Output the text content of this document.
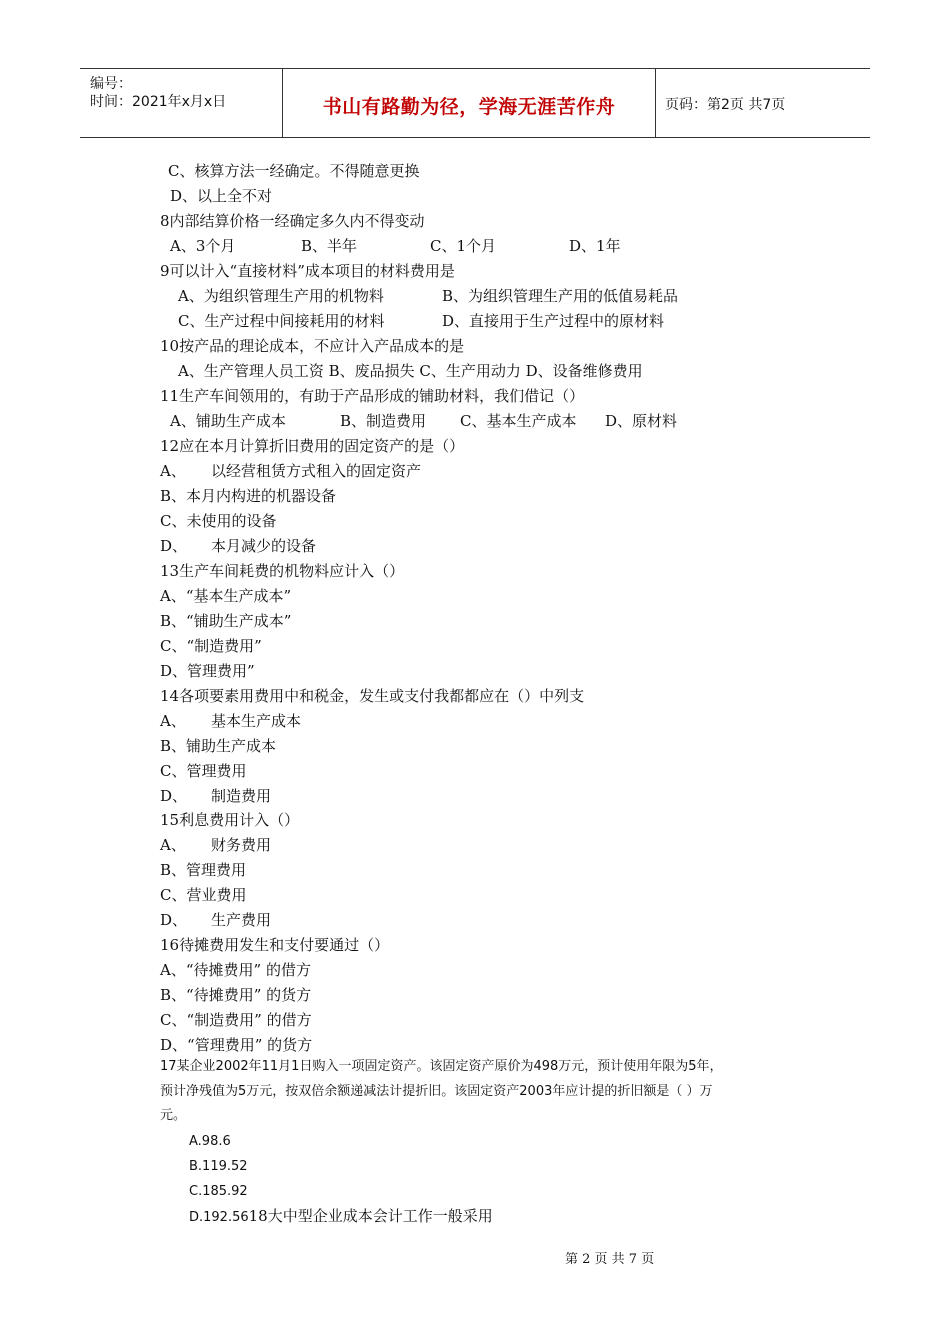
编号：
时间：2021年x月x日	书山有路勤为径，学海无涯苦作舟	页码：第2页 共7页
C、核算方法一经确定。不得随意更换
D、以上全不对
8内部结算价格一经确定多久内不得变动
A、3个月	B、半年	C、1个月	D、1年
9可以计入“直接材料”成本项目的材料费用是
A、为组织管理生产用的机物料	B、为组织管理生产用的低值易耗品
C、生产过程中间接耗用的材料	D、直接用于生产过程中的原材料
10按产品的理论成本，不应计入产品成本的是
A、生产管理人员工资 B、废品损失 C、生产用动力 D、设备维修费用
11生产车间领用的，有助于产品形成的铺助材料，我们借记（）
A、铺助生产成本	B、制造费用 C、基本生产成本 D、原材料
12应在本月计算折旧费用的固定资产的是（）
A、 以经营租赁方式租入的固定资产
B、本月内构进的机器设备
C、未使用的设备
D、 本月减少的设备
13生产车间耗费的机物料应计入（）
A、“基本生产成本”
B、“铺助生产成本”
C、“制造费用”
D、管理费用”
14各项要素用费用中和税金，发生或支付我都都应在（）中列支
A、 基本生产成本
B、铺助生产成本
C、管理费用
D、 制造费用
15利息费用计入（）
A、 财务费用
B、管理费用
C、营业费用
D、 生产费用
16待摊费用发生和支付要通过（）
A、“待摊费用” 的借方
B、“待摊费用” 的货方
C、“制造费用” 的借方
D、“管理费用” 的货方
17某企业2002年11月1日购入一项固定资产。该固定资产原价为498万元，预计使用年限为5年，
预计净残值为5万元，按双倍余额递减法计提折旧。该固定资产2003年应计提的折旧额是（ ）万
元。
A.98.6
B.119.52
C.185.92
D.192.5618大中型企业成本会计工作一般采用
第 2 页 共 7 页
